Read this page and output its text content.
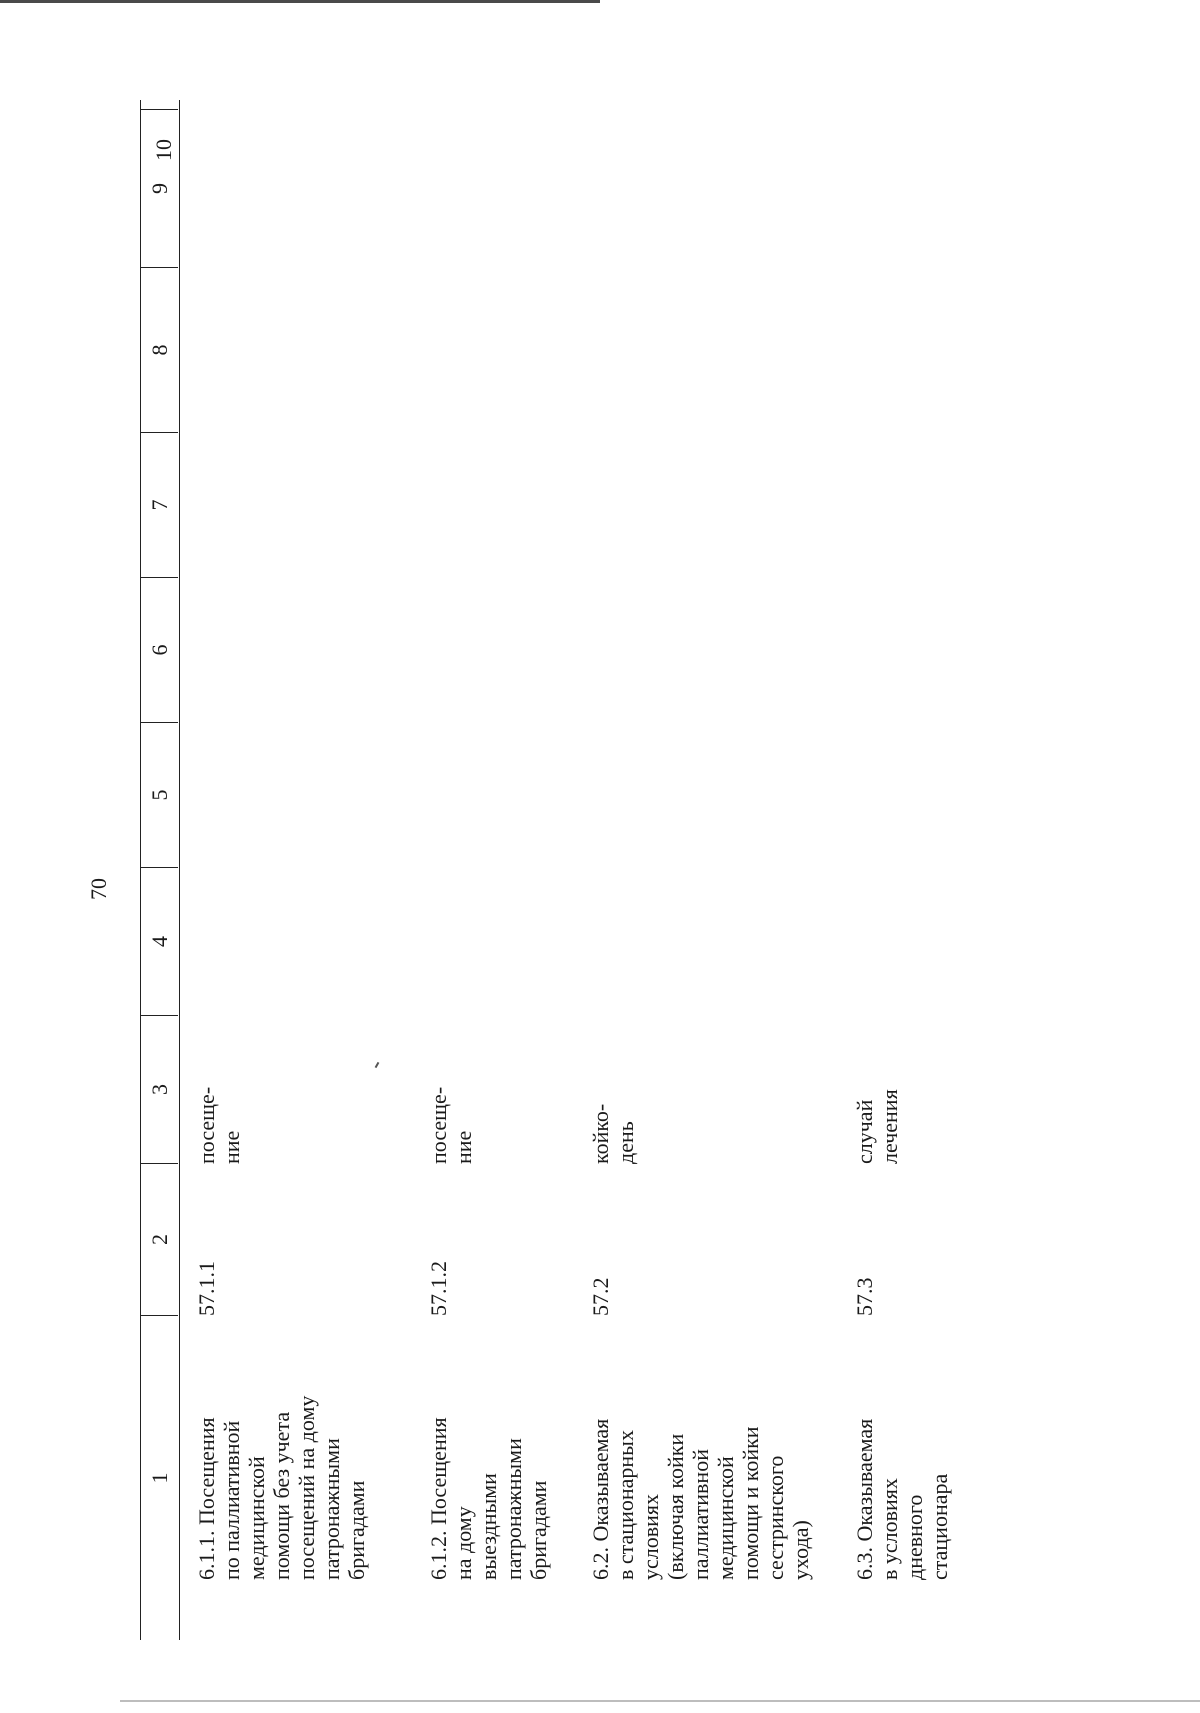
70
1
2
3
4
5
6
7
8
9
6.1.1. Посещения
по паллиативной
медицинской
помощи без учета
посещений на дому
патронажными
бригадами
57.1.1
посеще-
ние
6.1.2. Посещения
на дому
выездными
патронажными
бригадами
57.1.2
посеще-
ние
6.2. Оказываемая
в стационарных
условиях
(включая койки
паллиативной
медицинской
помощи и койки
сестринского
ухода)
57.2
койко-
день
6.3. Оказываемая
в условиях
дневного
стационара
57.3
случай
лечения
10
